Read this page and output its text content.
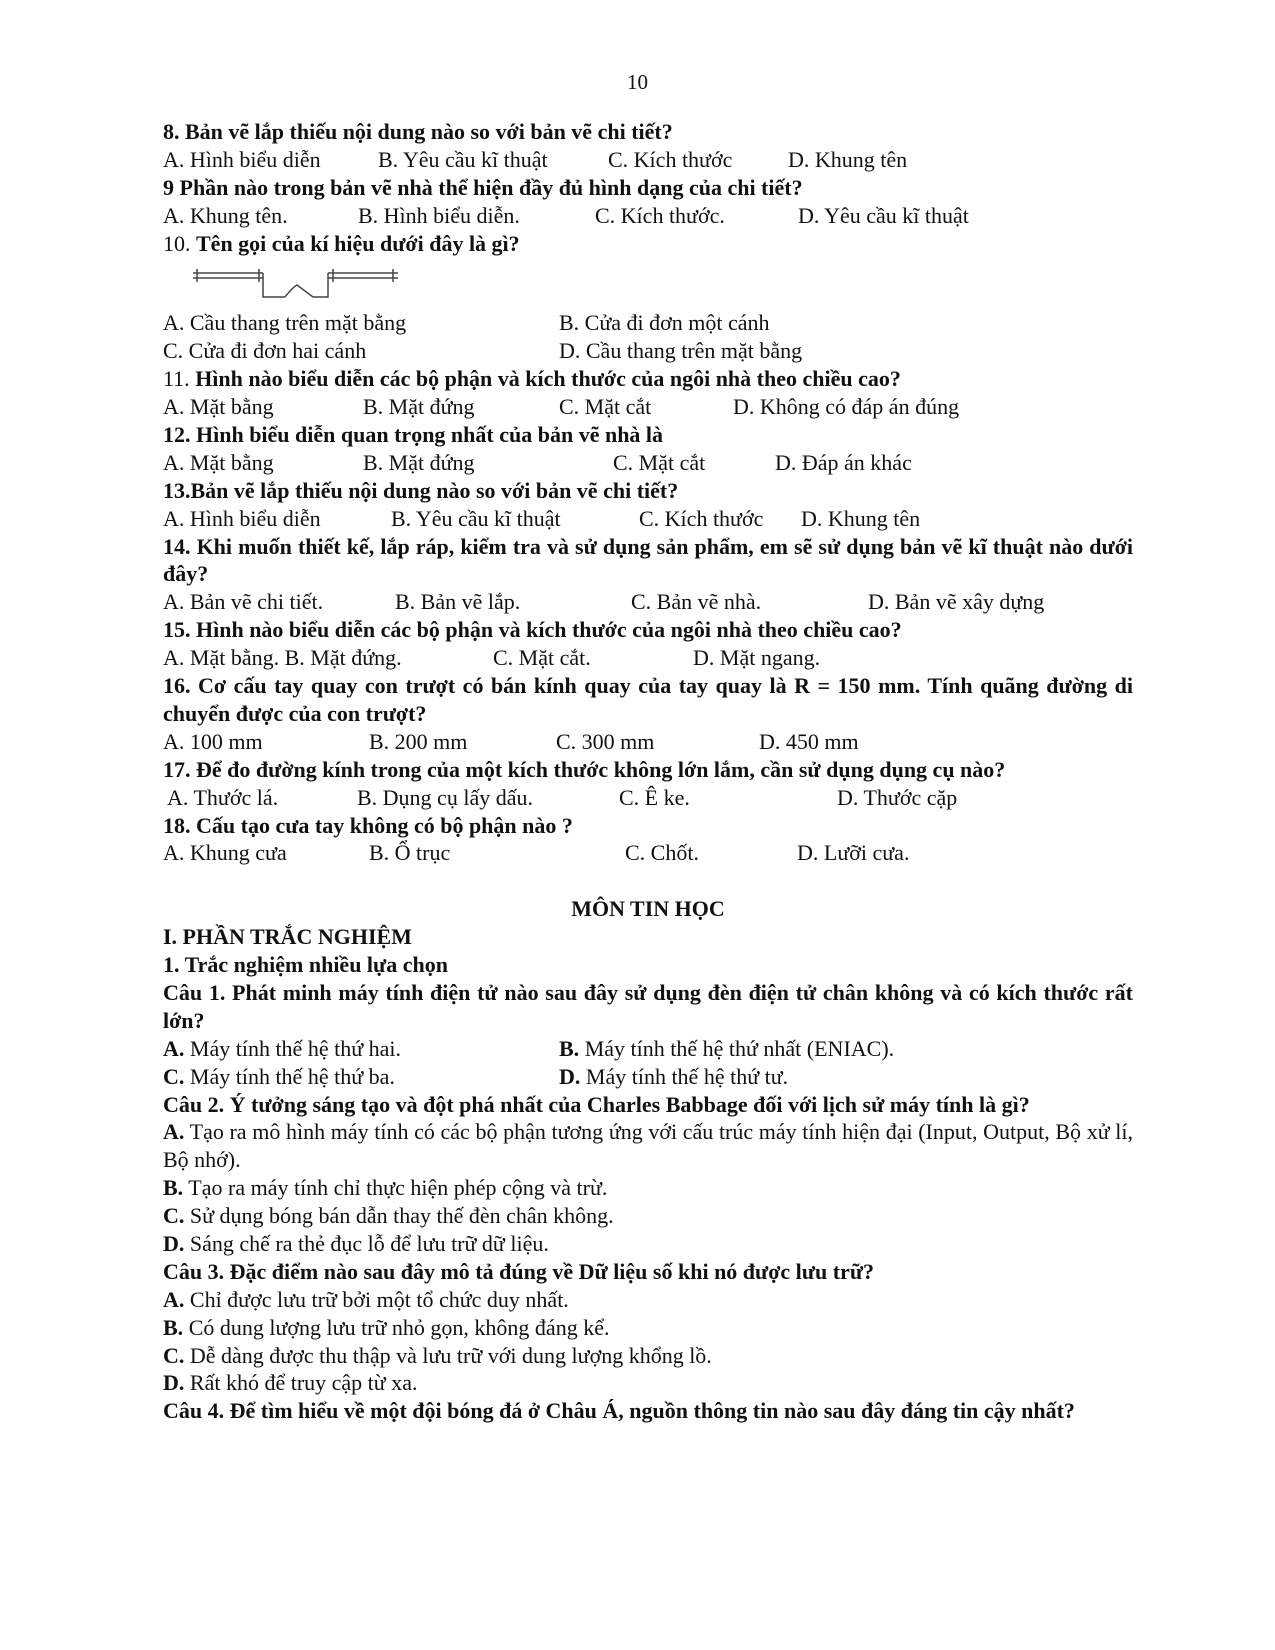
10
8. Bản vẽ lắp thiếu nội dung nào so với bản vẽ chi tiết?
A. Hình biểu diễn	B. Yêu cầu kĩ thuật	C. Kích thước	D. Khung tên
9 Phần nào trong bản vẽ nhà thể hiện đầy đủ hình dạng của chi tiết?
A. Khung tên.	B. Hình biểu diễn.	C. Kích thước.	D. Yêu cầu kĩ thuật
10. Tên gọi của kí hiệu dưới đây là gì?
A. Cầu thang trên mặt bằng	B. Cửa đi đơn một cánh
C. Cửa đi đơn hai cánh	D. Cầu thang trên mặt bằng
11. Hình nào biểu diễn các bộ phận và kích thước của ngôi nhà theo chiều cao?
A. Mặt bằng	B. Mặt đứng	C. Mặt cắt	D. Không có đáp án đúng
12. Hình biểu diễn quan trọng nhất của bản vẽ nhà là
A. Mặt bằng	B. Mặt đứng	C. Mặt cắt	D. Đáp án khác
13.Bản vẽ lắp thiếu nội dung nào so với bản vẽ chi tiết?
A. Hình biểu diễn	B. Yêu cầu kĩ thuật	C. Kích thước D. Khung tên
14. Khi muốn thiết kế, lắp ráp, kiểm tra và sử dụng sản phẩm, em sẽ sử dụng bản vẽ kĩ thuật nào dưới đây?
A. Bản vẽ chi tiết.	B. Bản vẽ lắp.	C. Bản vẽ nhà.	D. Bản vẽ xây dựng
15. Hình nào biểu diễn các bộ phận và kích thước của ngôi nhà theo chiều cao?
A. Mặt bằng. B. Mặt đứng.	C. Mặt cắt.	D. Mặt ngang.
16. Cơ cấu tay quay con trượt có bán kính quay của tay quay là R = 150 mm. Tính quãng đường di chuyển được của con trượt?
A. 100 mm	B. 200 mm	C. 300 mm	D. 450 mm
17. Để đo đường kính trong của một kích thước không lớn lắm, cần sử dụng dụng cụ nào?
A. Thước lá.	B. Dụng cụ lấy dấu.	C. Ê ke.	D. Thước cặp
18. Cấu tạo cưa tay không có bộ phận nào ?
A. Khung cưa	B. Ổ trục	C. Chốt.	D. Lưỡi cưa.
MÔN TIN HỌC
I. PHẦN TRẮC NGHIỆM
1. Trắc nghiệm nhiều lựa chọn
Câu 1. Phát minh máy tính điện tử nào sau đây sử dụng đèn điện tử chân không và có kích thước rất lớn?
A. Máy tính thế hệ thứ hai.	B. Máy tính thế hệ thứ nhất (ENIAC).
C. Máy tính thế hệ thứ ba.	D. Máy tính thế hệ thứ tư.
Câu 2. Ý tưởng sáng tạo và đột phá nhất của Charles Babbage đối với lịch sử máy tính là gì?
A. Tạo ra mô hình máy tính có các bộ phận tương ứng với cấu trúc máy tính hiện đại (Input, Output, Bộ xử lí, Bộ nhớ).
B. Tạo ra máy tính chỉ thực hiện phép cộng và trừ.
C. Sử dụng bóng bán dẫn thay thế đèn chân không.
D. Sáng chế ra thẻ đục lỗ để lưu trữ dữ liệu.
Câu 3. Đặc điểm nào sau đây mô tả đúng về Dữ liệu số khi nó được lưu trữ?
A. Chỉ được lưu trữ bởi một tổ chức duy nhất.
B. Có dung lượng lưu trữ nhỏ gọn, không đáng kể.
C. Dễ dàng được thu thập và lưu trữ với dung lượng khổng lồ.
D. Rất khó để truy cập từ xa.
Câu 4. Để tìm hiểu về một đội bóng đá ở Châu Á, nguồn thông tin nào sau đây đáng tin cậy nhất?
